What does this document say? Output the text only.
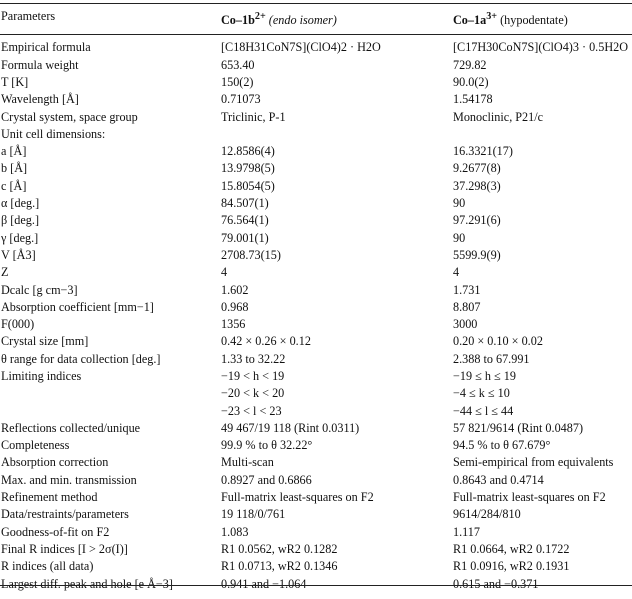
Parameters	$Co-1b^{2+}$ (endo isomer)	$Co-1a^{3+}$ (hypodentate)
Empirical formula	[C18H31CoN7S](ClO4)2 · H2O	[C17H30CoN7S](ClO4)3 · 0.5H2O
Formula weight	653.40	729.82
T [K]	150(2)	90.0(2)
Wavelength [Å]	0.71073	1.54178
Crystal system, space group	Triclinic, P-1	Monoclinic, P21/c
Unit cell dimensions:		
a [Å]	12.8586(4)	16.3321(17)
b [Å]	13.9798(5)	9.2677(8)
c [Å]	15.8054(5)	37.298(3)
α [deg.]	84.507(1)	90
β [deg.]	76.564(1)	97.291(6)
γ [deg.]	79.001(1)	90
V [Å3]	2708.73(15)	5599.9(9)
Z	4	4
Dcalc [g cm−3]	1.602	1.731
Absorption coefficient [mm−1]	0.968	8.807
F(000)	1356	3000
Crystal size [mm]	0.42 × 0.26 × 0.12	0.20 × 0.10 × 0.02
θ range for data collection [deg.]	1.33 to 32.22	2.388 to 67.991
Limiting indices	−19 < h < 19	−19 ≤ h ≤ 19
	−20 < k < 20	−4 ≤ k ≤ 10
	−23 < l < 23	−44 ≤ l ≤ 44
Reflections collected/unique	49 467/19 118 (Rint 0.0311)	57 821/9614 (Rint 0.0487)
Completeness	99.9 % to θ 32.22°	94.5 % to θ 67.679°
Absorption correction	Multi-scan	Semi-empirical from equivalents
Max. and min. transmission	0.8927 and 0.6866	0.8643 and 0.4714
Refinement method	Full-matrix least-squares on F2	Full-matrix least-squares on F2
Data/restraints/parameters	19 118/0/761	9614/284/810
Goodness-of-fit on F2	1.083	1.117
Final R indices [I > 2σ(I)]	R1 0.0562, wR2 0.1282	R1 0.0664, wR2 0.1722
R indices (all data)	R1 0.0713, wR2 0.1346	R1 0.0916, wR2 0.1931
Largest diff. peak and hole [e Å−3]	0.941 and −1.064	0.615 and −0.371
